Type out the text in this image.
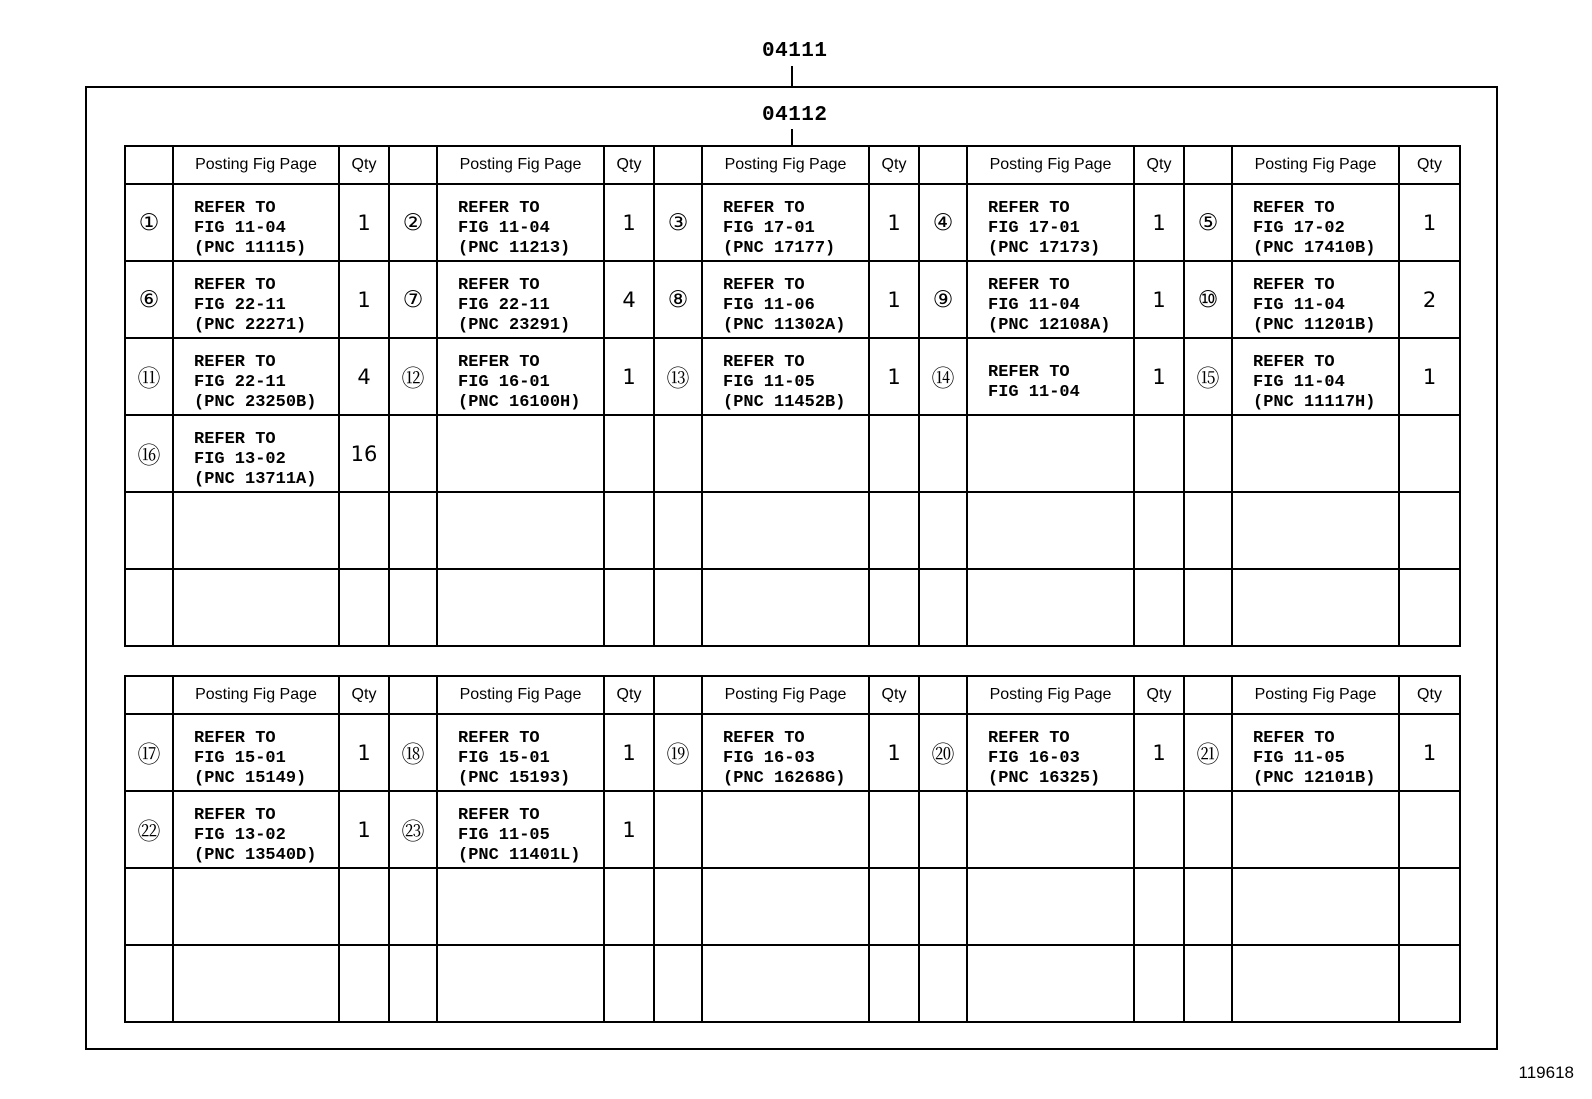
04111
04112
	Posting Fig Page	Qty		Posting Fig Page	Qty		Posting Fig Page	Qty		Posting Fig Page	Qty		Posting Fig Page	Qty
①	REFER TO
FIG 11-04
(PNC 11115)	1	②	REFER TO
FIG 11-04
(PNC 11213)	1	③	REFER TO
FIG 17-01
(PNC 17177)	1	④	REFER TO
FIG 17-01
(PNC 17173)	1	⑤	REFER TO
FIG 17-02
(PNC 17410B)	1
⑥	REFER TO
FIG 22-11
(PNC 22271)	1	⑦	REFER TO
FIG 22-11
(PNC 23291)	4	⑧	REFER TO
FIG 11-06
(PNC 11302A)	1	⑨	REFER TO
FIG 11-04
(PNC 12108A)	1	⑩	REFER TO
FIG 11-04
(PNC 11201B)	2
⑪	REFER TO
FIG 22-11
(PNC 23250B)	4	⑫	REFER TO
FIG 16-01
(PNC 16100H)	1	⑬	REFER TO
FIG 11-05
(PNC 11452B)	1	⑭	REFER TO
FIG 11-04	1	⑮	REFER TO
FIG 11-04
(PNC 11117H)	1
⑯	REFER TO
FIG 13-02
(PNC 13711A)	16		

	Posting Fig Page	Qty		Posting Fig Page	Qty		Posting Fig Page	Qty		Posting Fig Page	Qty		Posting Fig Page	Qty
⑰	REFER TO
FIG 15-01
(PNC 15149)	1	⑱	REFER TO
FIG 15-01
(PNC 15193)	1	⑲	REFER TO
FIG 16-03
(PNC 16268G)	1	⑳	REFER TO
FIG 16-03
(PNC 16325)	1	㉑	REFER TO
FIG 11-05
(PNC 12101B)	1
㉒	REFER TO
FIG 13-02
(PNC 13540D)	1	㉓	REFER TO
FIG 11-05
(PNC 11401L)	1		

119618
